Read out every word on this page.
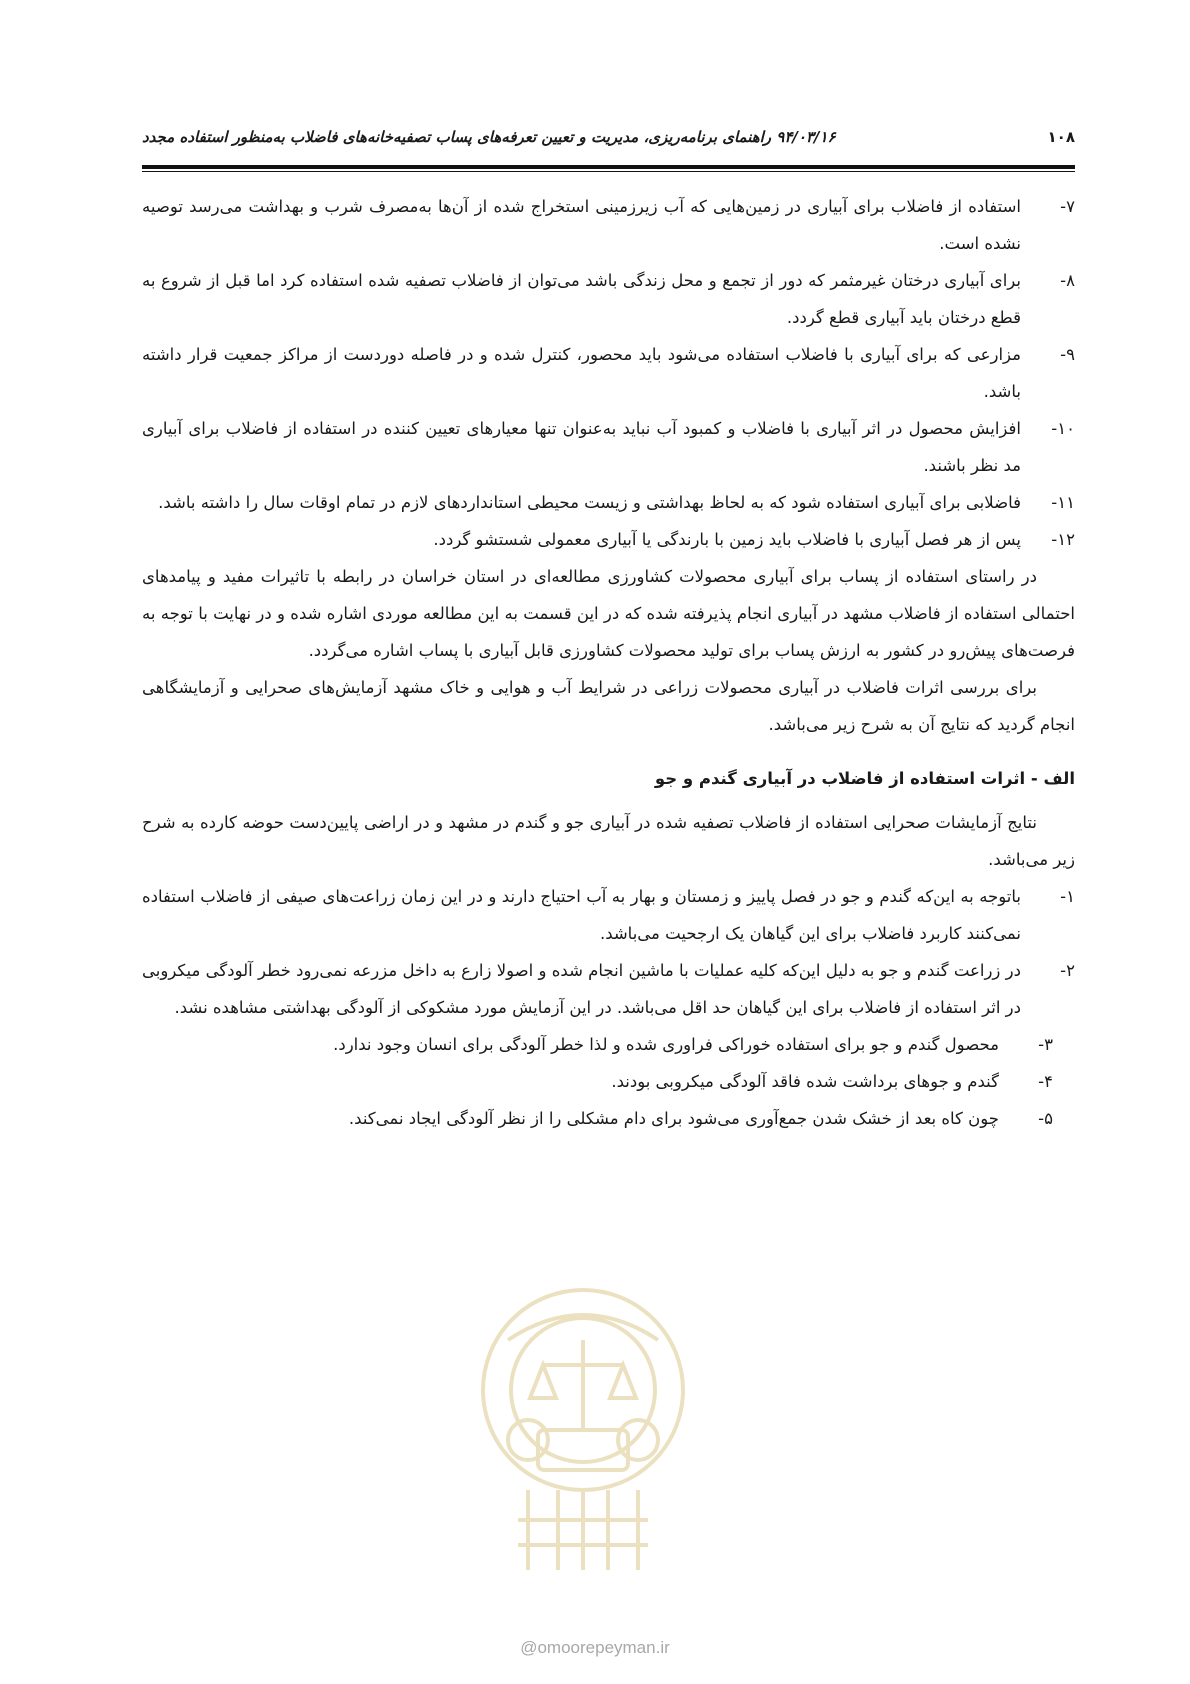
۱۰۸
۹۴/۰۳/۱۶ راهنمای برنامه‌ریزی، مدیریت و تعیین تعرفه‌های پساب تصفیه‌خانه‌های فاضلاب به‌منظور استفاده مجدد

۷-
استفاده از فاضلاب برای آبیاری در زمین‌هایی که آب زیرزمینی استخراج شده از آن‌ها به‌مصرف شرب و بهداشت می‌رسد توصیه نشده است.

۸-
برای آبیاری درختان غیرمثمر که دور از تجمع و محل زندگی باشد می‌توان از فاضلاب تصفیه شده استفاده کرد اما قبل از شروع به قطع درختان باید آبیاری قطع گردد.

۹-
مزارعی که برای آبیاری با فاضلاب استفاده می‌شود باید محصور، کنترل شده و در فاصله دوردست از مراکز جمعیت قرار داشته باشد.

۱۰-
افزایش محصول در اثر آبیاری با فاضلاب و کمبود آب نباید به‌عنوان تنها معیارهای تعیین کننده در استفاده از فاضلاب برای آبیاری مد نظر باشند.

۱۱-
فاضلابی برای آبیاری استفاده شود که به لحاظ بهداشتی و زیست محیطی استانداردهای لازم در تمام اوقات سال را داشته باشد.

۱۲-
پس از هر فصل آبیاری با فاضلاب باید زمین با بارندگی یا آبیاری معمولی شستشو گردد.

در راستای استفاده از پساب برای آبیاری محصولات کشاورزی مطالعه‌ای در استان خراسان در رابطه با تاثیرات مفید و پیامدهای احتمالی استفاده از فاضلاب مشهد در آبیاری انجام پذیرفته شده که در این قسمت به این مطالعه موردی اشاره شده و در نهایت با توجه به فرصت‌های پیش‌رو در کشور به ارزش پساب برای تولید محصولات کشاورزی قابل آبیاری با پساب اشاره می‌گردد.

برای بررسی اثرات فاضلاب در آبیاری محصولات زراعی در شرایط آب و هوایی و خاک مشهد آزمایش‌های صحرایی و آزمایشگاهی انجام گردید که نتایج آن به شرح زیر می‌باشد.

الف - اثرات استفاده از فاضلاب در آبیاری گندم و جو

نتایج آزمایشات صحرایی استفاده از فاضلاب تصفیه شده در آبیاری جو و گندم در مشهد و در اراضی پایین‌دست حوضه کارده به شرح زیر می‌باشد.

۱-
باتوجه به این‌که گندم و جو در فصل پاییز و زمستان و بهار به آب احتیاج دارند و در این زمان زراعت‌های صیفی از فاضلاب استفاده نمی‌کنند کاربرد فاضلاب برای این گیاهان یک ارجحیت می‌باشد.

۲-
در زراعت گندم و جو به دلیل این‌که کلیه عملیات با ماشین انجام شده و اصولا زارع به داخل مزرعه نمی‌رود خطر آلودگی میکروبی در اثر استفاده از فاضلاب برای این گیاهان حد اقل می‌باشد. در این آزمایش مورد مشکوکی از آلودگی بهداشتی مشاهده نشد.

۳-
محصول گندم و جو برای استفاده خوراکی فراوری شده و لذا خطر آلودگی برای انسان وجود ندارد.

۴-
گندم و جوهای برداشت شده فاقد آلودگی میکروبی بودند.

۵-
چون کاه بعد از خشک شدن جمع‌آوری می‌شود برای دام مشکلی را از نظر آلودگی ایجاد نمی‌کند.

@omoorepeyman.ir
